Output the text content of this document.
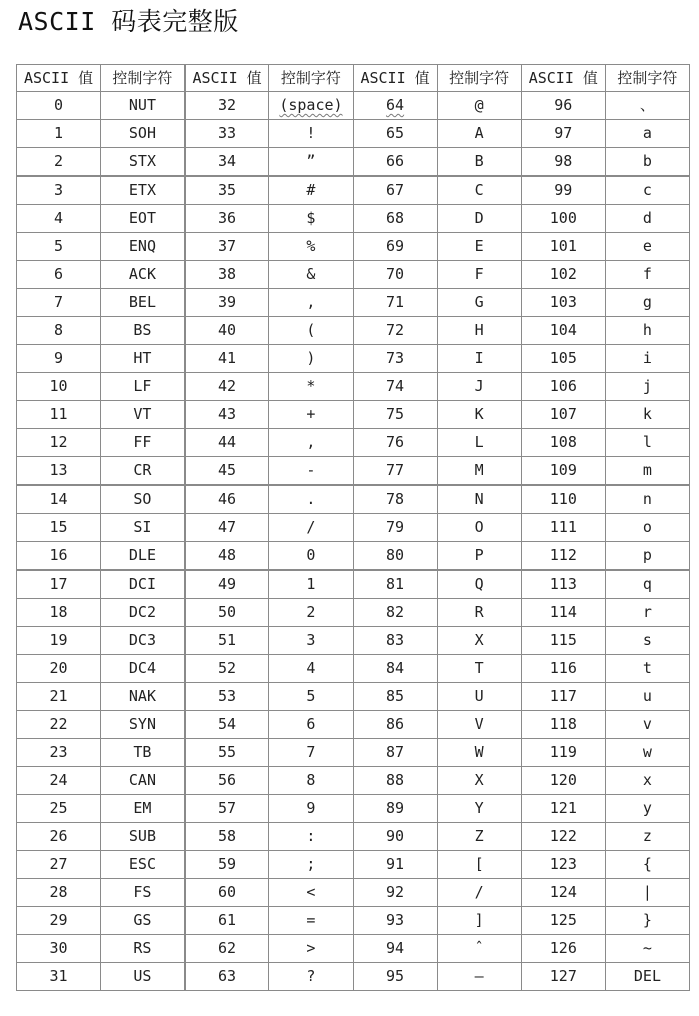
ASCII 码表完整版
ASCII 值	控制字符	ASCII 值	控制字符	ASCII 值	控制字符	ASCII 值	控制字符
0	NUT	32	(space)	64	@	96	、
1	SOH	33	!	65	A	97	a
2	STX	34	”	66	B	98	b
3	ETX	35	#	67	C	99	c
4	EOT	36	$	68	D	100	d
5	ENQ	37	%	69	E	101	e
6	ACK	38	&	70	F	102	f
7	BEL	39	,	71	G	103	g
8	BS	40	(	72	H	104	h
9	HT	41	)	73	I	105	i
10	LF	42	*	74	J	106	j
11	VT	43	+	75	K	107	k
12	FF	44	,	76	L	108	l
13	CR	45	-	77	M	109	m
14	SO	46	.	78	N	110	n
15	SI	47	/	79	O	111	o
16	DLE	48	0	80	P	112	p
17	DCI	49	1	81	Q	113	q
18	DC2	50	2	82	R	114	r
19	DC3	51	3	83	X	115	s
20	DC4	52	4	84	T	116	t
21	NAK	53	5	85	U	117	u
22	SYN	54	6	86	V	118	v
23	TB	55	7	87	W	119	w
24	CAN	56	8	88	X	120	x
25	EM	57	9	89	Y	121	y
26	SUB	58	:	90	Z	122	z
27	ESC	59	;	91	[	123	{
28	FS	60	<	92	/	124	|
29	GS	61	=	93	]	125	}
30	RS	62	>	94	ˆ	126	~
31	US	63	?	95	—	127	DEL
